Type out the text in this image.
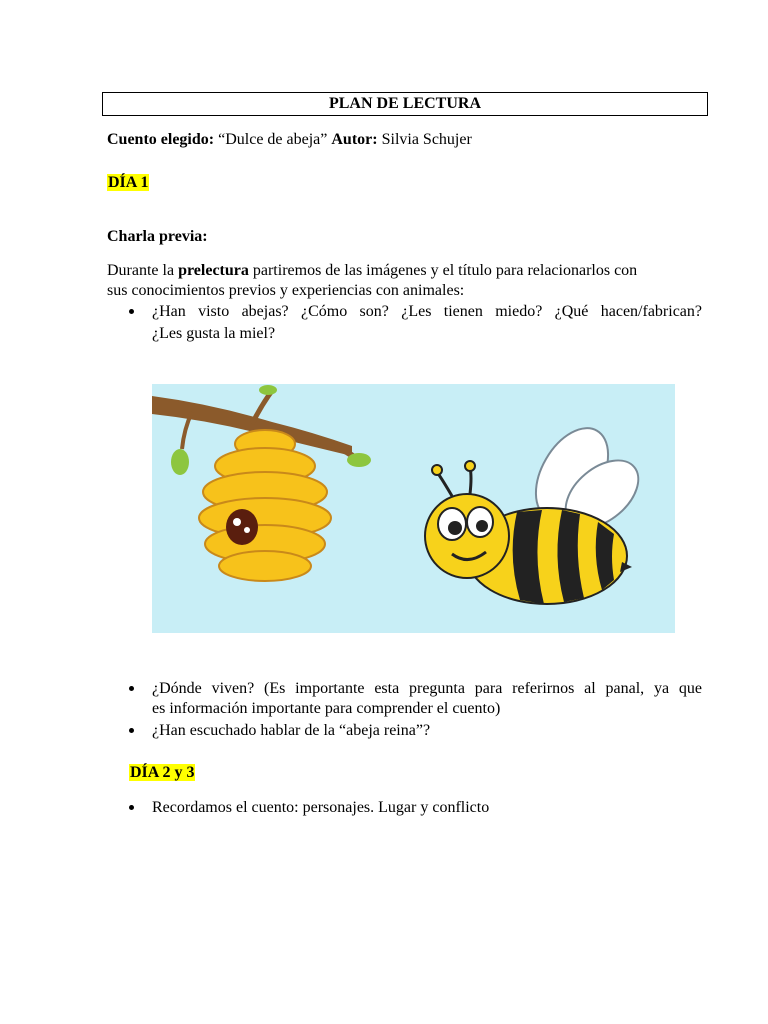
PLAN DE LECTURA
Cuento elegido: “Dulce de abeja” Autor: Silvia Schujer
DÍA 1
Charla previa:
Durante la prelectura partiremos de las imágenes y el título para relacionarlos con
sus conocimientos previos y experiencias con animales:
¿Han visto abejas? ¿Cómo son? ¿Les tienen miedo? ¿Qué hacen/fabrican?
¿Les gusta la miel?
¿Dónde viven? (Es importante esta pregunta para referirnos al panal, ya que
es información importante para comprender el cuento)
¿Han escuchado hablar de la “abeja reina”?
DÍA 2 y 3
Recordamos el cuento: personajes. Lugar y conflicto
